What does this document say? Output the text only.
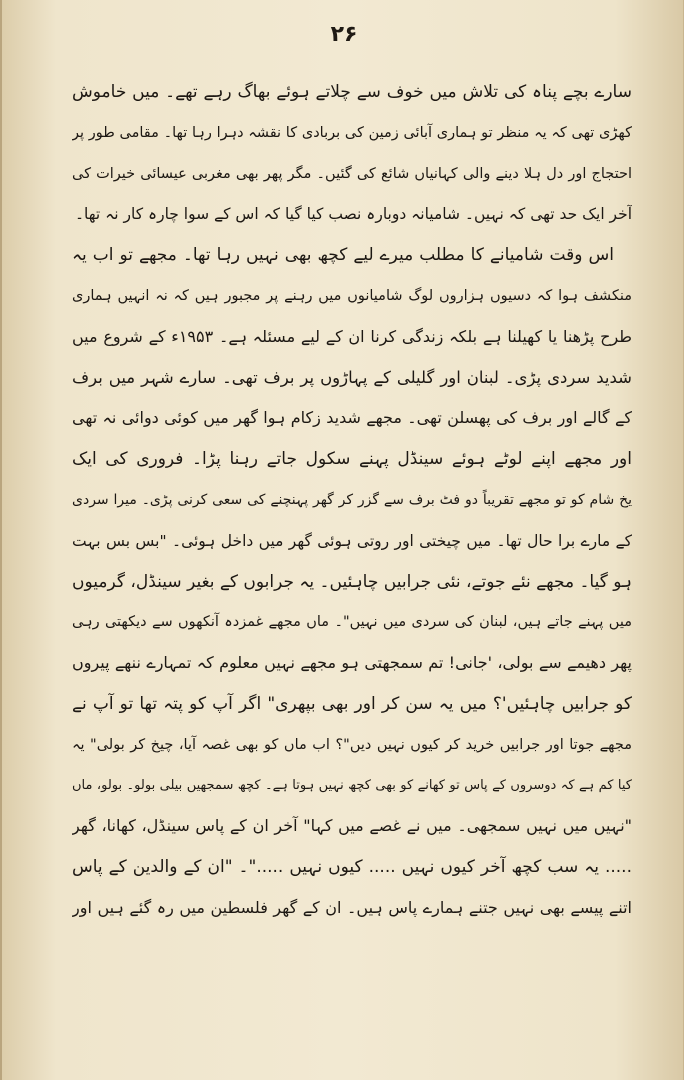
۲۶
سارے بچے پناہ کی تلاش میں خوف سے چلاتے ہوئے بھاگ رہے تھے۔ میں خاموش
کھڑی تھی کہ یہ منظر تو ہماری آبائی زمین کی بربادی کا نقشہ دہرا رہا تھا۔ مقامی طور پر
احتجاج اور دل ہلا دینے والی کہانیاں شائع کی گئیں۔ مگر پھر بھی مغربی عیسائی خیرات کی
آخر ایک حد تھی کہ نہیں۔ شامیانہ دوبارہ نصب کیا گیا کہ اس کے سوا چارہ کار نہ تھا۔
اس وقت شامیانے کا مطلب میرے لیے کچھ بھی نہیں رہا تھا۔ مجھے تو اب یہ
منکشف ہوا کہ دسیوں ہزاروں لوگ شامیانوں میں رہنے پر مجبور ہیں کہ نہ انہیں ہماری
طرح پڑھنا یا کھیلنا ہے بلکہ زندگی کرنا ان کے لیے مسئلہ ہے۔ ۱۹۵۳ء کے شروع میں
شدید سردی پڑی۔ لبنان اور گلیلی کے پہاڑوں پر برف تھی۔ سارے شہر میں برف
کے گالے اور برف کی پھسلن تھی۔ مجھے شدید زکام ہوا گھر میں کوئی دوائی نہ تھی
اور مجھے اپنے لوٹے ہوئے سینڈل پہنے سکول جاتے رہنا پڑا۔ فروری کی ایک
یخ شام کو تو مجھے تقریباً دو فٹ برف سے گزر کر گھر پہنچنے کی سعی کرنی پڑی۔ میرا سردی
کے مارے برا حال تھا۔ میں چیختی اور روتی ہوئی گھر میں داخل ہوئی۔ "بس بس بہت
ہو گیا۔ مجھے نئے جوتے، نئی جرابیں چاہئیں۔ یہ جرابوں کے بغیر سینڈل، گرمیوں
میں پہنے جاتے ہیں، لبنان کی سردی میں نہیں"۔ ماں مجھے غمزدہ آنکھوں سے دیکھتی رہی
پھر دھیمے سے بولی، 'جانی! تم سمجھتی ہو مجھے نہیں معلوم کہ تمہارے ننھے پیروں
کو جرابیں چاہئیں'؟ میں یہ سن کر اور بھی بپھری" اگر آپ کو پتہ تھا تو آپ نے
مجھے جوتا اور جرابیں خرید کر کیوں نہیں دیں"؟ اب ماں کو بھی غصہ آیا، چیخ کر بولی" یہ
کیا کم ہے کہ دوسروں کے پاس تو کھانے کو بھی کچھ نہیں ہوتا ہے۔ کچھ سمجھیں بیلی بولو۔ بولو، ماں
"نہیں میں نہیں سمجھی۔ میں نے غصے میں کہا" آخر ان کے پاس سینڈل، کھانا، گھر
..... یہ سب کچھ آخر کیوں نہیں ..... کیوں نہیں ....."۔ "ان کے والدین کے پاس
اتنے پیسے بھی نہیں جتنے ہمارے پاس ہیں۔ ان کے گھر فلسطین میں رہ گئے ہیں اور
